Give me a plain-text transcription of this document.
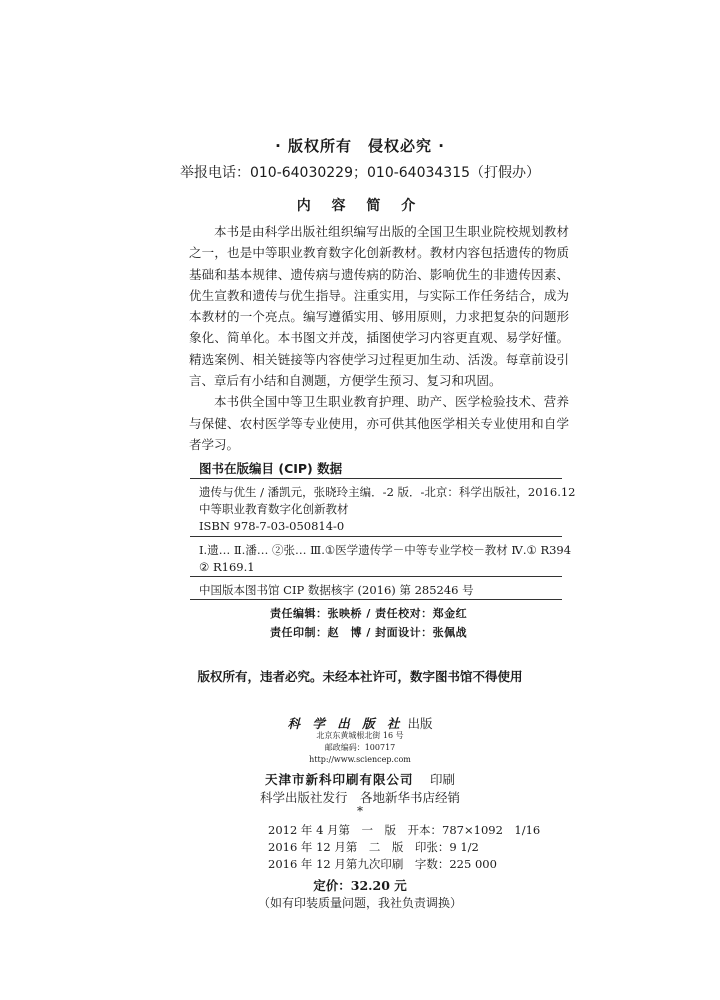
· 版权所有　侵权必究 ·
举报电话：010-64030229；010-64034315（打假办）
内 容 简 介

本书是由科学出版社组织编写出版的全国卫生职业院校规划教材之一，也是中等职业教育数字化创新教材。教材内容包括遗传的物质基础和基本规律、遗传病与遗传病的防治、影响优生的非遗传因素、优生宣教和遗传与优生指导。注重实用，与实际工作任务结合，成为本教材的一个亮点。编写遵循实用、够用原则，力求把复杂的问题形象化、简单化。本书图文并茂，插图使学习内容更直观、易学好懂。精选案例、相关链接等内容使学习过程更加生动、活泼。每章前设引言、章后有小结和自测题，方便学生预习、复习和巩固。

本书供全国中等卫生职业教育护理、助产、医学检验技术、营养与保健、农村医学等专业使用，亦可供其他医学相关专业使用和自学者学习。

图书在版编目 (CIP) 数据
遗传与优生 / 潘凯元，张晓玲主编．-2 版．-北京：科学出版社，2016.12
中等职业教育数字化创新教材
ISBN 978-7-03-050814-0
Ⅰ.遗… Ⅱ.潘… ②张… Ⅲ.①医学遗传学－中等专业学校－教材 Ⅳ.① R394
② R169.1
中国版本图书馆 CIP 数据核字 (2016) 第 285246 号
责任编辑：张映桥 / 责任校对：郑金红
责任印制：赵　博 / 封面设计：张佩战
版权所有，违者必究。未经本社许可，数字图书馆不得使用
科 学 出 版 社 出版
北京东黄城根北街 16 号
邮政编码：100717
http://www.sciencep.com
天津市新科印刷有限公司　 印刷
科学出版社发行　各地新华书店经销
*
2012 年 4 月第　一　版　开本：787×1092　1/16
2016 年 12 月第　二　版　印张：9 1/2
2016 年 12 月第九次印刷　字数：225 000
定价：32.20 元
（如有印装质量问题，我社负责调换）
